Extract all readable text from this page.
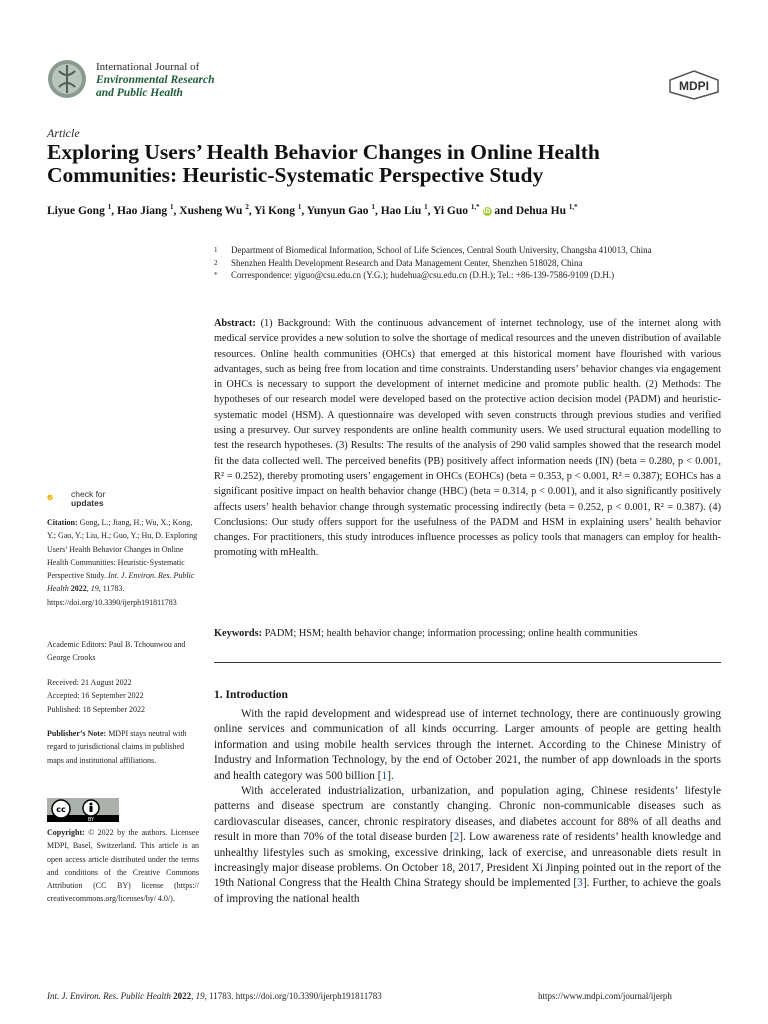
International Journal of
Environmental Research
and Public Health	MDPI
Article
Exploring Users’ Health Behavior Changes in Online Health
Communities: Heuristic-Systematic Perspective Study
Liyue Gong $^1$, Hao Jiang $^1$, Xusheng Wu $^2$, Yi Kong $^1$, Yunyun Gao $^1$, Hao Liu $^1$, Yi Guo $^{1,*}$ iD and Dehua Hu $^{1,*}$
1	Department of Biomedical Information, School of Life Sciences, Central South University, Changsha 410013, China
2	Shenzhen Health Development Research and Data Management Center, Shenzhen 518028, China
*	Correspondence: yiguo@csu.edu.cn (Y.G.); hudehua@csu.edu.cn (D.H.); Tel.: +86-139-7586-9109 (D.H.)
Abstract: (1) Background: With the continuous advancement of internet technology, use of the internet along with medical service provides a new solution to solve the shortage of medical resources and the uneven distribution of available resources. Online health communities (OHCs) that emerged at this historical moment have flourished with various advantages, such as being free from location and time constraints. Understanding users’ behavior changes via engagement in OHCs is necessary to support the development of internet medicine and promote public health. (2) Methods: The hypotheses of our research model were developed based on the protective action decision model (PADM) and heuristic-systematic model (HSM). A questionnaire was developed with seven constructs through previous studies and verified using a presurvey. Our survey respondents are online health community users. We used structural equation modelling to test the research hypotheses. (3) Results: The results of the analysis of 290 valid samples showed that the research model fit the data collected well. The perceived benefits (PB) positively affect information needs (IN) (beta = 0.280, p < 0.001, R² = 0.252), thereby promoting users’ engagement in OHCs (EOHCs) (beta = 0.353, p < 0.001, R² = 0.387); EOHCs has a significant positive impact on health behavior change (HBC) (beta = 0.314, p < 0.001), and it also significantly positively affects users’ health behavior change through systematic processing indirectly (beta = 0.252, p < 0.001, R² = 0.387). (4) Conclusions: Our study offers support for the usefulness of the PADM and HSM in explaining users’ health behavior changes. For practitioners, this study introduces influence processes as policy tools that managers can employ for health-promoting with mHealth.
Keywords: PADM; HSM; health behavior change; information processing; online health communities
1. Introduction

With the rapid development and widespread use of internet technology, there are continuously growing online services and communication of all kinds occurring. Larger amounts of people are getting health information and using mobile health services through the internet. According to the Chinese Ministry of Industry and Information Technology, by the end of October 2021, the number of app downloads in the sports and health category was 500 billion [1].

With accelerated industrialization, urbanization, and population aging, Chinese residents’ lifestyle patterns and disease spectrum are constantly changing. Chronic non-communicable diseases such as cardiovascular diseases, cancer, chronic respiratory diseases, and diabetes account for 88% of all deaths and result in more than 70% of the total disease burden [2]. Low awareness rate of residents’ health knowledge and unhealthy lifestyles such as smoking, excessive drinking, lack of exercise, and unreasonable diets result in increasingly major disease problems. On October 18, 2017, President Xi Jinping pointed out in the report of the 19th National Congress that the Health China Strategy should be implemented [3]. Further, to achieve the goals of improving the national health

check for
updates
Citation: Gong, L.; Jiang, H.; Wu, X.; Kong, Y.; Gao, Y.; Liu, H.; Guo, Y.; Hu, D. Exploring Users’ Health Behavior Changes in Online Health Communities: Heuristic-Systematic Perspective Study. Int. J. Environ. Res. Public Health 2022, 19, 11783. https://doi.org/10.3390/ijerph191811783
Academic Editors: Paul B. Tchounwou and George Crooks
Received: 21 August 2022
Accepted: 16 September 2022
Published: 18 September 2022
Publisher’s Note: MDPI stays neutral with regard to jurisdictional claims in published maps and institutional affiliations.
cc
BY
Copyright: © 2022 by the authors. Licensee MDPI, Basel, Switzerland. This article is an open access article distributed under the terms and conditions of the Creative Commons Attribution (CC BY) license (https:// creativecommons.org/licenses/by/ 4.0/).
Int. J. Environ. Res. Public Health 2022, 19, 11783. https://doi.org/10.3390/ijerph191811783	https://www.mdpi.com/journal/ijerph
